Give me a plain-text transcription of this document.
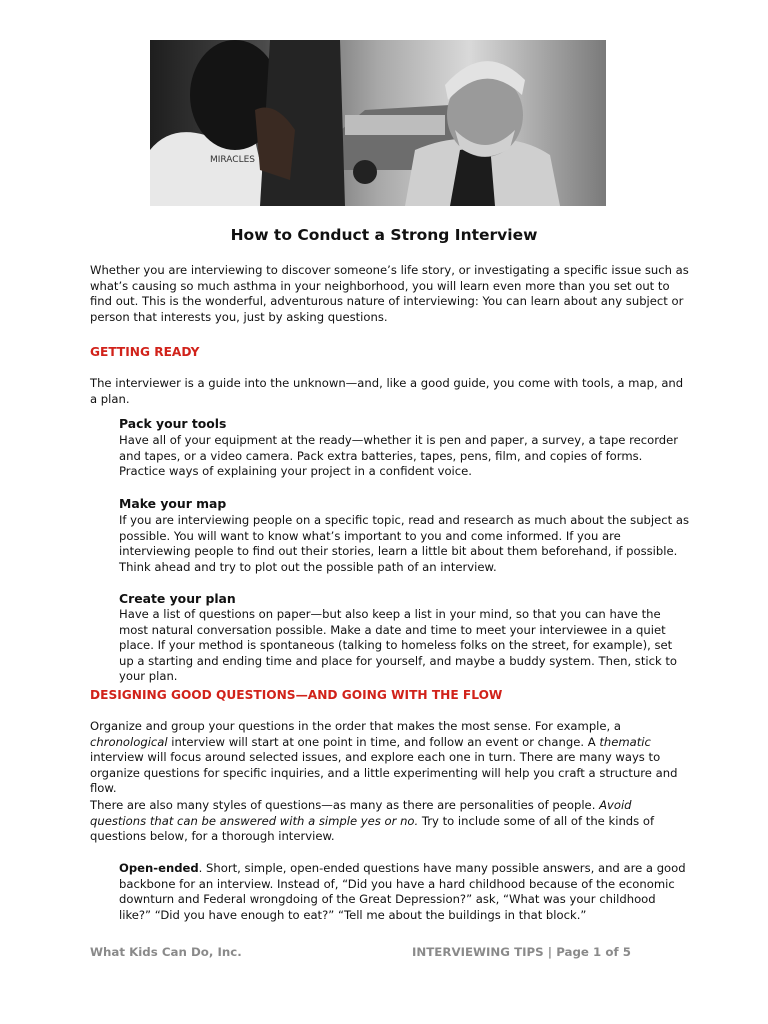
MIRACLES
How to Conduct a Strong Interview
Whether you are interviewing to discover someone’s life story, or investigating a specific issue such as what’s causing so much asthma in your neighborhood, you will learn even more than you set out to find out. This is the wonderful, adventurous nature of interviewing: You can learn about any subject or person that interests you, just by asking questions.
GETTING READY
The interviewer is a guide into the unknown—and, like a good guide, you come with tools, a map, and a plan.
Pack your tools
Have all of your equipment at the ready—whether it is pen and paper, a survey, a tape recorder and tapes, or a video camera. Pack extra batteries, tapes, pens, film, and copies of forms. Practice ways of explaining your project in a confident voice.
Make your map
If you are interviewing people on a specific topic, read and research as much about the subject as possible. You will want to know what’s important to you and come informed. If you are interviewing people to find out their stories, learn a little bit about them beforehand, if possible. Think ahead and try to plot out the possible path of an interview.
Create your plan
Have a list of questions on paper—but also keep a list in your mind, so that you can have the most natural conversation possible. Make a date and time to meet your interviewee in a quiet place. If your method is spontaneous (talking to homeless folks on the street, for example), set up a starting and ending time and place for yourself, and maybe a buddy system. Then, stick to your plan.
DESIGNING GOOD QUESTIONS—AND GOING WITH THE FLOW
Organize and group your questions in the order that makes the most sense. For example, a chronological interview will start at one point in time, and follow an event or change. A thematic interview will focus around selected issues, and explore each one in turn. There are many ways to organize questions for specific inquiries, and a little experimenting will help you craft a structure and flow.
There are also many styles of questions—as many as there are personalities of people. Avoid questions that can be answered with a simple yes or no. Try to include some of all of the kinds of questions below, for a thorough interview.
Open-ended. Short, simple, open-ended questions have many possible answers, and are a good backbone for an interview. Instead of, “Did you have a hard childhood because of the economic downturn and Federal wrongdoing of the Great Depression?” ask, “What was your childhood like?” “Did you have enough to eat?” “Tell me about the buildings in that block.”
What Kids Can Do, Inc.	INTERVIEWING TIPS | Page 1 of 5
